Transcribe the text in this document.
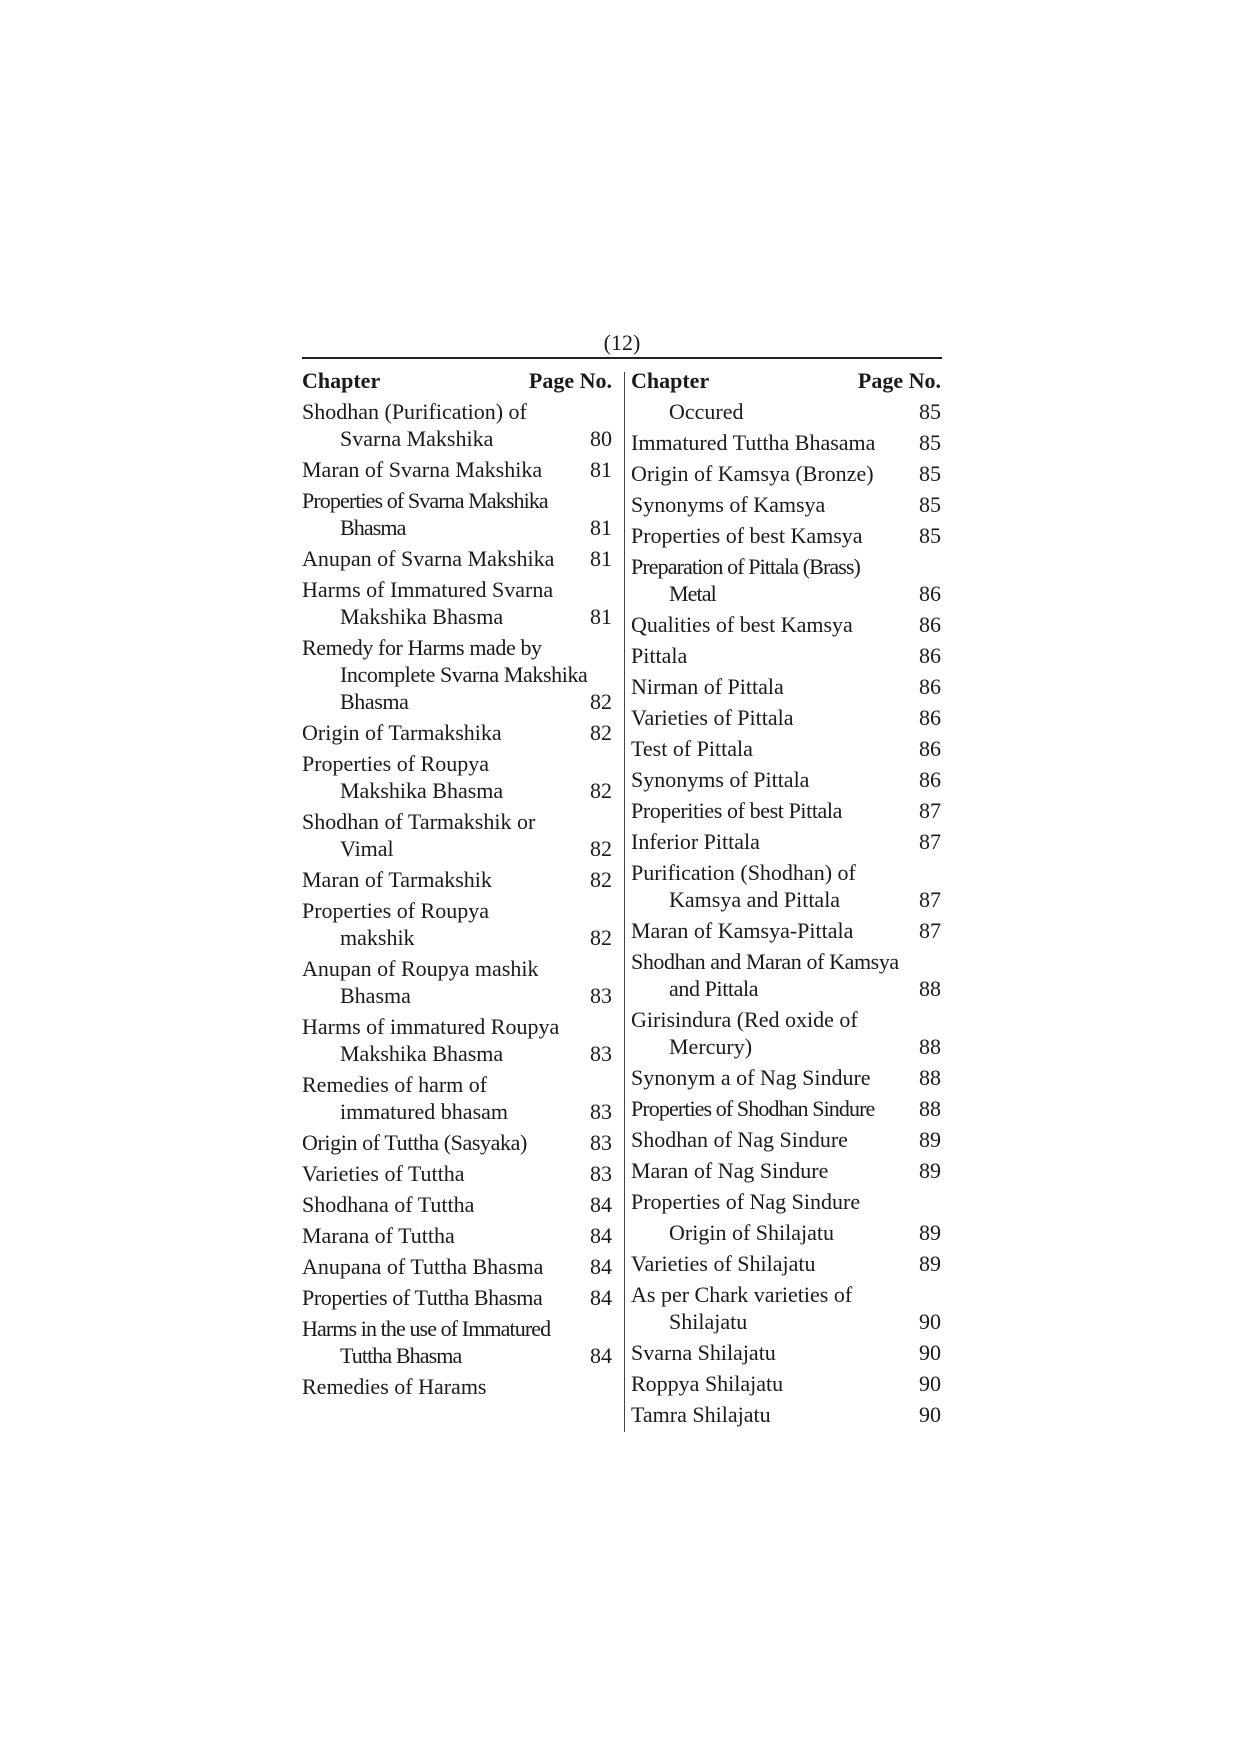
(12)
Chapter	Page No.
Shodhan (Purification) of
Svarna Makshika	80
Maran of Svarna Makshika	81
Properties of Svarna Makshika
Bhasma	81
Anupan of Svarna Makshika	81
Harms of Immatured Svarna
Makshika Bhasma	81
Remedy for Harms made by
Incomplete Svarna Makshika
Bhasma	82
Origin of Tarmakshika	82
Properties of Roupya
Makshika Bhasma	82
Shodhan of Tarmakshik or
Vimal	82
Maran of Tarmakshik	82
Properties of Roupya
makshik	82
Anupan of Roupya mashik
Bhasma	83
Harms of immatured Roupya
Makshika Bhasma	83
Remedies of harm of
immatured bhasam	83
Origin of Tuttha (Sasyaka)	83
Varieties of Tuttha	83
Shodhana of Tuttha	84
Marana of Tuttha	84
Anupana of Tuttha Bhasma	84
Properties of Tuttha Bhasma	84
Harms in the use of Immatured
Tuttha Bhasma	84
Remedies of Harams
Chapter	Page No.
Occured	85
Immatured Tuttha Bhasama	85
Origin of Kamsya (Bronze)	85
Synonyms of Kamsya	85
Properties of best Kamsya	85
Preparation of Pittala (Brass)
Metal	86
Qualities of best Kamsya	86
Pittala	86
Nirman of Pittala	86
Varieties of Pittala	86
Test of Pittala	86
Synonyms of Pittala	86
Properities of best Pittala	87
Inferior Pittala	87
Purification (Shodhan) of
Kamsya and Pittala	87
Maran of Kamsya-Pittala	87
Shodhan and Maran of Kamsya
and Pittala	88
Girisindura (Red oxide of
Mercury)	88
Synonym a of Nag Sindure	88
Properties of Shodhan Sindure	88
Shodhan of Nag Sindure	89
Maran of Nag Sindure	89
Properties of Nag Sindure
Origin of Shilajatu	89
Varieties of Shilajatu	89
As per Chark varieties of
Shilajatu	90
Svarna Shilajatu	90
Roppya Shilajatu	90
Tamra Shilajatu	90
